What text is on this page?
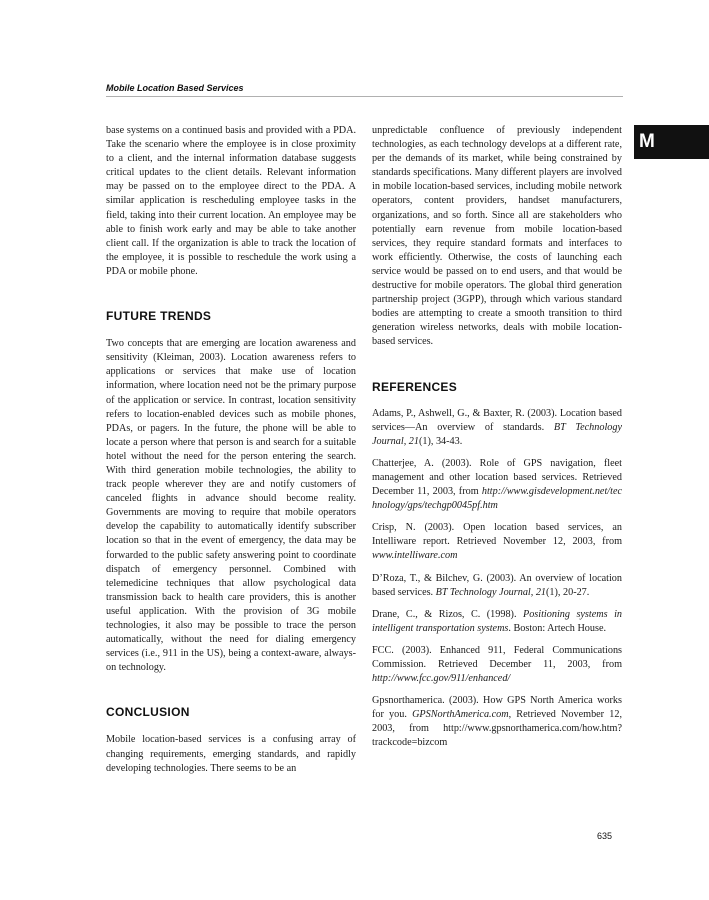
Mobile Location Based Services
M

base systems on a continued basis and provided with a PDA. Take the scenario where the employee is in close proximity to a client, and the internal information database suggests critical updates to the client details. Relevant information may be passed on to the employee direct to the PDA. A similar application is rescheduling employee tasks in the field, taking into their current location. An employee may be able to finish work early and may be able to take another client call. If the organization is able to track the location of the employee, it is possible to reschedule the work using a PDA or mobile phone.

FUTURE TRENDS

Two concepts that are emerging are location awareness and sensitivity (Kleiman, 2003). Location awareness refers to applications or services that make use of location information, where location need not be the primary purpose of the application or service. In contrast, location sensitivity refers to location-enabled devices such as mobile phones, PDAs, or pagers. In the future, the phone will be able to locate a person where that person is and search for a suitable hotel without the need for the person entering the search. With third generation mobile technologies, the ability to track people wherever they are and notify customers of canceled flights in advance should become reality. Governments are moving to require that mobile operators develop the capability to automatically identify subscriber location so that in the event of emergency, the data may be forwarded to the public safety answering point to coordinate dispatch of emergency personnel. Combined with telemedicine techniques that allow psychological data transmission back to health care providers, this is another useful application. With the provision of 3G mobile technologies, it also may be possible to trace the person automatically, without the need for dialing emergency services (i.e., 911 in the US), being a context-aware, always-on technology.

CONCLUSION

Mobile location-based services is a confusing array of changing requirements, emerging standards, and rapidly developing technologies. There seems to be an

unpredictable confluence of previously independent technologies, as each technology develops at a different rate, per the demands of its market, while being constrained by standards specifications. Many different players are involved in mobile location-based services, including mobile network operators, content providers, handset manufacturers, organizations, and so forth. Since all are stakeholders who potentially earn revenue from mobile location-based services, they require standard formats and interfaces to work efficiently. Otherwise, the costs of launching each service would be passed on to end users, and that would be destructive for mobile operators. The global third generation partnership project (3GPP), through which various standard bodies are attempting to create a smooth transition to third generation wireless networks, deals with mobile location-based services.

REFERENCES

Adams, P., Ashwell, G., & Baxter, R. (2003). Location based services—An overview of standards. BT Technology Journal, 21(1), 34-43.

Chatterjee, A. (2003). Role of GPS navigation, fleet management and other location based services. Retrieved December 11, 2003, from http://www.gisdevelopment.net/technology/gps/techgp0045pf.htm

Crisp, N. (2003). Open location based services, an Intelliware report. Retrieved November 12, 2003, from www.intelliware.com

D’Roza, T., & Bilchev, G. (2003). An overview of location based services. BT Technology Journal, 21(1), 20-27.

Drane, C., & Rizos, C. (1998). Positioning systems in intelligent transportation systems. Boston: Artech House.

FCC. (2003). Enhanced 911, Federal Communications Commission. Retrieved December 11, 2003, from http://www.fcc.gov/911/enhanced/

Gpsnorthamerica. (2003). How GPS North America works for you. GPSNorthAmerica.com, Retrieved November 12, 2003, from http://www.gpsnorthamerica.com/how.htm?trackcode=bizcom

635
